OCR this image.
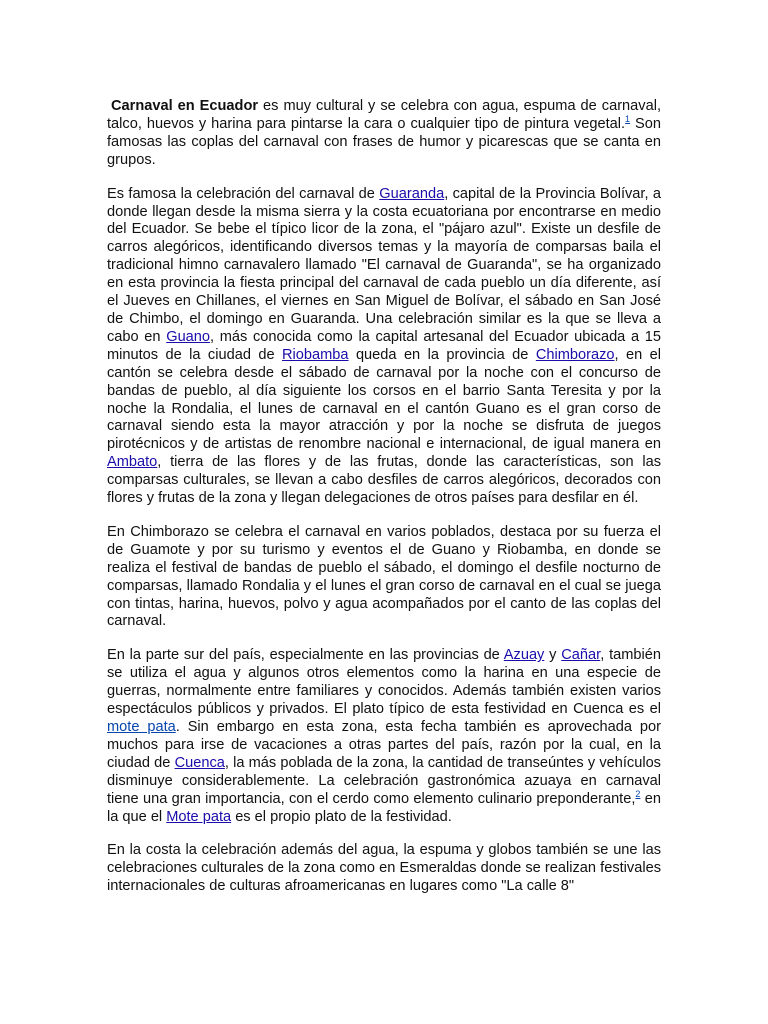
Carnaval en Ecuador es muy cultural y se celebra con agua, espuma de carnaval, talco, huevos y harina para pintarse la cara o cualquier tipo de pintura vegetal.$^1$ Son famosas las coplas del carnaval con frases de humor y picarescas que se canta en grupos.

Es famosa la celebración del carnaval de Guaranda, capital de la Provincia Bolívar, a donde llegan desde la misma sierra y la costa ecuatoriana por encontrarse en medio del Ecuador. Se bebe el típico licor de la zona, el "pájaro azul". Existe un desfile de carros alegóricos, identificando diversos temas y la mayoría de comparsas baila el tradicional himno carnavalero llamado "El carnaval de Guaranda", se ha organizado en esta provincia la fiesta principal del carnaval de cada pueblo un día diferente, así el Jueves en Chillanes, el viernes en San Miguel de Bolívar, el sábado en San José de Chimbo, el domingo en Guaranda. Una celebración similar es la que se lleva a cabo en Guano, más conocida como la capital artesanal del Ecuador ubicada a 15 minutos de la ciudad de Riobamba queda en la provincia de Chimborazo, en el cantón se celebra desde el sábado de carnaval por la noche con el concurso de bandas de pueblo, al día siguiente los corsos en el barrio Santa Teresita y por la noche la Rondalia, el lunes de carnaval en el cantón Guano es el gran corso de carnaval siendo esta la mayor atracción y por la noche se disfruta de juegos pirotécnicos y de artistas de renombre nacional e internacional, de igual manera en Ambato, tierra de las flores y de las frutas, donde las características, son las comparsas culturales, se llevan a cabo desfiles de carros alegóricos, decorados con flores y frutas de la zona y llegan delegaciones de otros países para desfilar en él.

En Chimborazo se celebra el carnaval en varios poblados, destaca por su fuerza el de Guamote y por su turismo y eventos el de Guano y Riobamba, en donde se realiza el festival de bandas de pueblo el sábado, el domingo el desfile nocturno de comparsas, llamado Rondalia y el lunes el gran corso de carnaval en el cual se juega con tintas, harina, huevos, polvo y agua acompañados por el canto de las coplas del carnaval.

En la parte sur del país, especialmente en las provincias de Azuay y Cañar, también se utiliza el agua y algunos otros elementos como la harina en una especie de guerras, normalmente entre familiares y conocidos. Además también existen varios espectáculos públicos y privados. El plato típico de esta festividad en Cuenca es el mote pata. Sin embargo en esta zona, esta fecha también es aprovechada por muchos para irse de vacaciones a otras partes del país, razón por la cual, en la ciudad de Cuenca, la más poblada de la zona, la cantidad de transeúntes y vehículos disminuye considerablemente. La celebración gastronómica azuaya en carnaval tiene una gran importancia, con el cerdo como elemento culinario preponderante,$^2$ en la que el Mote pata es el propio plato de la festividad.

En la costa la celebración además del agua, la espuma y globos también se une las celebraciones culturales de la zona como en Esmeraldas donde se realizan festivales internacionales de culturas afroamericanas en lugares como "La calle 8"
